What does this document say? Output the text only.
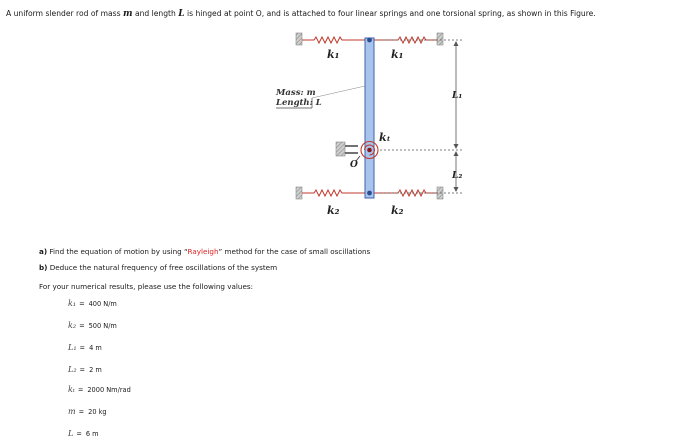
A uniform slender rod of mass m and length L is hinged at point O, and is attached to four linear springs and one torsional spring, as shown in this Figure.
Mass: m
Length: L
k₁	k₁
k₂	k₂
kₜ
O
L₁
L₂
a) Find the equation of motion by using “Rayleigh” method for the case of small oscillations
b) Deduce the natural frequency of free oscillations of the system
For your numerical results, please use the following values:
k₁ = 400 N/m
k₂ = 500 N/m
L₁ = 4 m
L₂ = 2 m
kₜ = 2000 Nm/rad
m = 20 kg
L = 6 m
